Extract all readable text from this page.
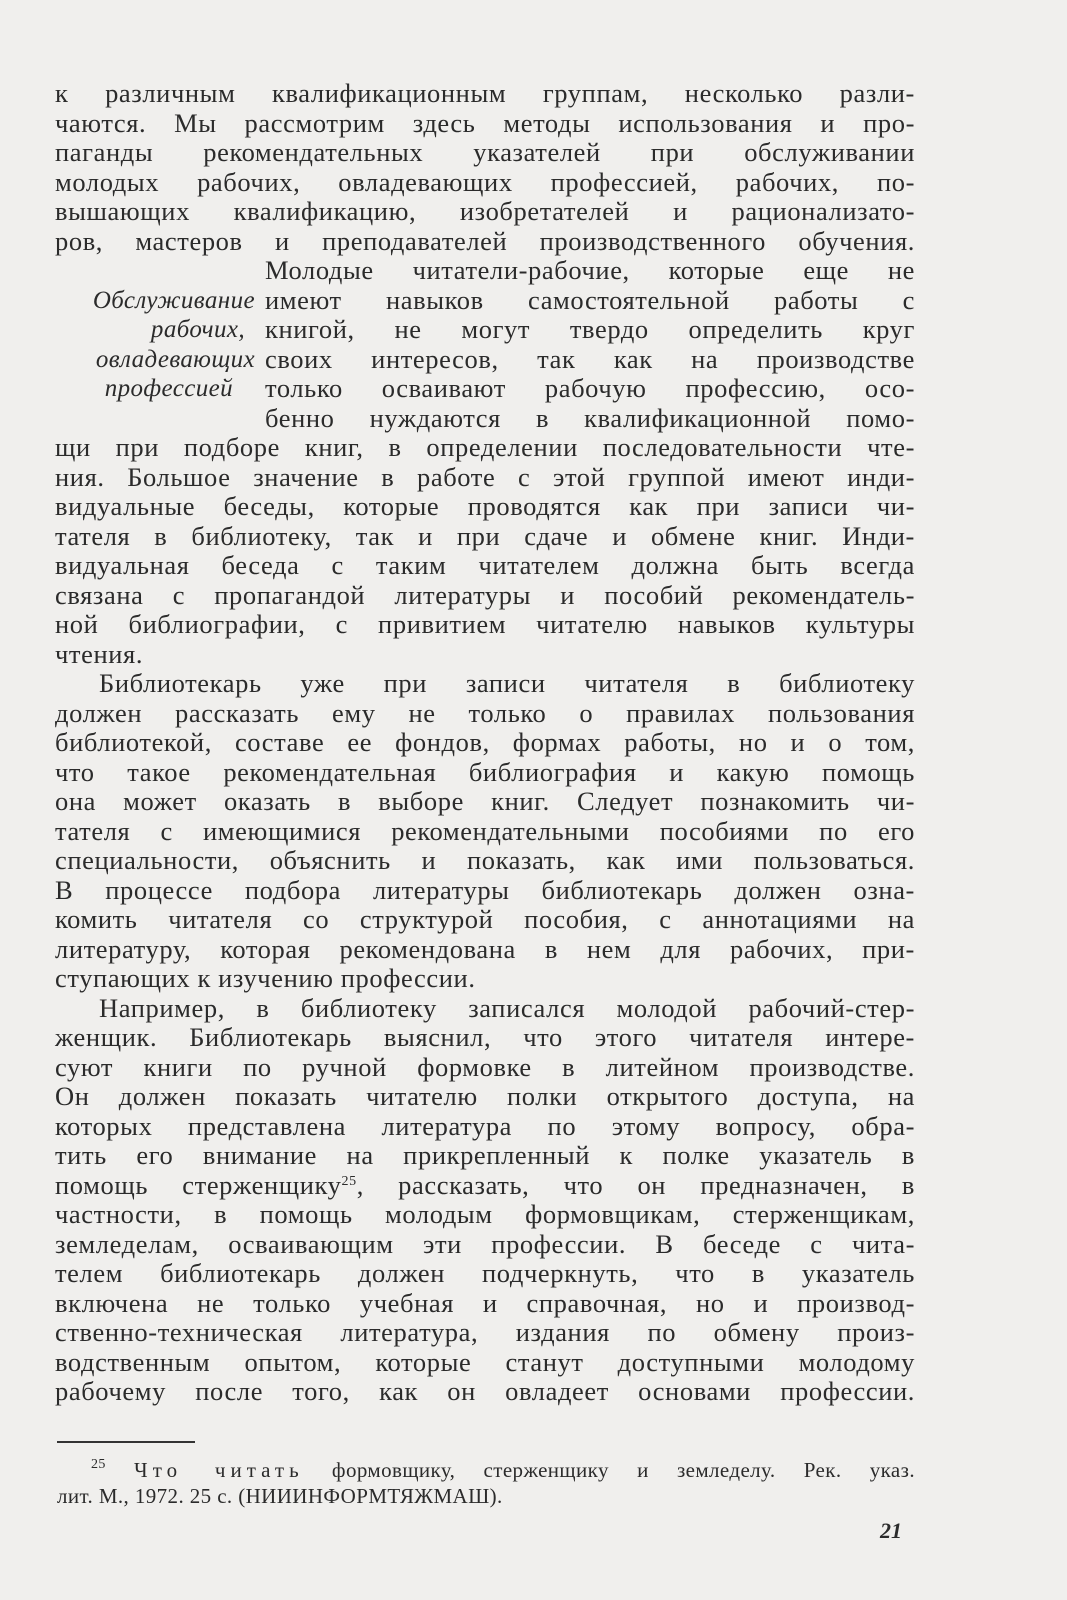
к различным квалификационным группам, несколько разли-
чаются. Мы рассмотрим здесь методы использования и про-
паганды рекомендательных указателей при обслуживании
молодых рабочих, овладевающих профессией, рабочих, по-
вышающих квалификацию, изобретателей и рационализато-
ров, мастеров и преподавателей производственного обучения.
Молодые читатели-рабочие, которые еще не
Обслуживание имеют навыков самостоятельной работы с
рабочих, книгой, не могут твердо определить круг
овладевающих своих интересов, так как на производстве
профессией только осваивают рабочую профессию, осо-
бенно нуждаются в квалификационной помо-
щи при подборе книг, в определении последовательности чте-
ния. Большое значение в работе с этой группой имеют инди-
видуальные беседы, которые проводятся как при записи чи-
тателя в библиотеку, так и при сдаче и обмене книг. Инди-
видуальная беседа с таким читателем должна быть всегда
связана с пропагандой литературы и пособий рекомендатель-
ной библиографии, с привитием читателю навыков культуры
чтения.
Библиотекарь уже при записи читателя в библиотеку
должен рассказать ему не только о правилах пользования
библиотекой, составе ее фондов, формах работы, но и о том,
что такое рекомендательная библиография и какую помощь
она может оказать в выборе книг. Следует познакомить чи-
тателя с имеющимися рекомендательными пособиями по его
специальности, объяснить и показать, как ими пользоваться.
В процессе подбора литературы библиотекарь должен озна-
комить читателя со структурой пособия, с аннотациями на
литературу, которая рекомендована в нем для рабочих, при-
ступающих к изучению профессии.
Например, в библиотеку записался молодой рабочий-стер-
женщик. Библиотекарь выяснил, что этого читателя интере-
суют книги по ручной формовке в литейном производстве.
Он должен показать читателю полки открытого доступа, на
которых представлена литература по этому вопросу, обра-
тить его внимание на прикрепленный к полке указатель в
помощь стерженщику$^{25}$, рассказать, что он предназначен, в
частности, в помощь молодым формовщикам, стерженщикам,
земледелам, осваивающим эти профессии. В беседе с чита-
телем библиотекарь должен подчеркнуть, что в указатель
включена не только учебная и справочная, но и производ-
ственно-техническая литература, издания по обмену произ-
водственным опытом, которые станут доступными молодому
рабочему после того, как он овладеет основами профессии.
$^{25}$ Что читать формовщику, стерженщику и земледелу. Рек. указ.
лит. М., 1972. 25 с. (НИИИНФОРМТЯЖМАШ).
21
